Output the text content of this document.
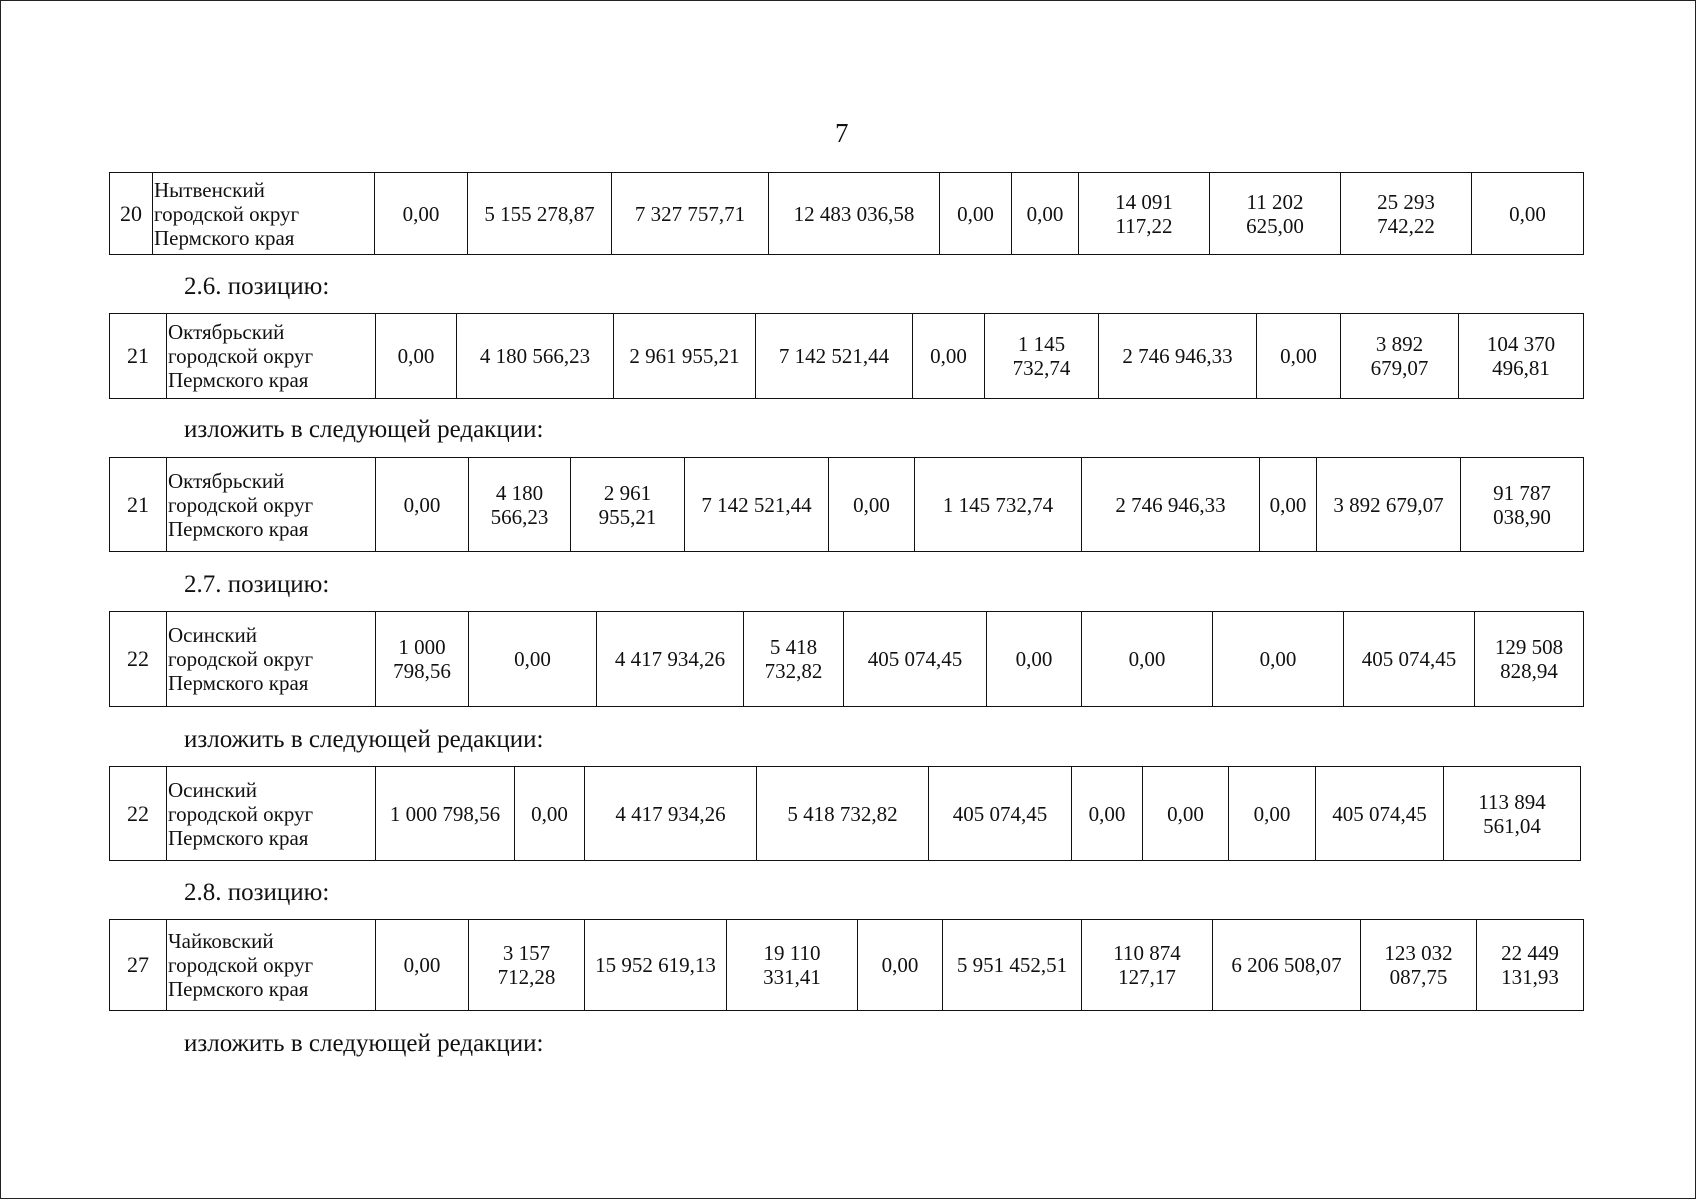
7
20	Нытвенский
городской округ
Пермского края	0,00	5 155 278,87	7 327 757,71	12 483 036,58	0,00	0,00	14 091
117,22	11 202
625,00	25 293
742,22	0,00
2.6. позицию:
21	Октябрьский
городской округ
Пермского края	0,00	4 180 566,23	2 961 955,21	7 142 521,44	0,00	1 145
732,74	2 746 946,33	0,00	3 892
679,07	104 370
496,81
изложить в следующей редакции:
21	Октябрьский
городской округ
Пермского края	0,00	4 180
566,23	2 961
955,21	7 142 521,44	0,00	1 145 732,74	2 746 946,33	0,00	3 892 679,07	91 787
038,90
2.7. позицию:
22	Осинский
городской округ
Пермского края	1 000
798,56	0,00	4 417 934,26	5 418
732,82	405 074,45	0,00	0,00	0,00	405 074,45	129 508
828,94
изложить в следующей редакции:
22	Осинский
городской округ
Пермского края	1 000 798,56	0,00	4 417 934,26	5 418 732,82	405 074,45	0,00	0,00	0,00	405 074,45	113 894
561,04
2.8. позицию:
27	Чайковский
городской округ
Пермского края	0,00	3 157
712,28	15 952 619,13	19 110
331,41	0,00	5 951 452,51	110 874
127,17	6 206 508,07	123 032
087,75	22 449
131,93
изложить в следующей редакции:
